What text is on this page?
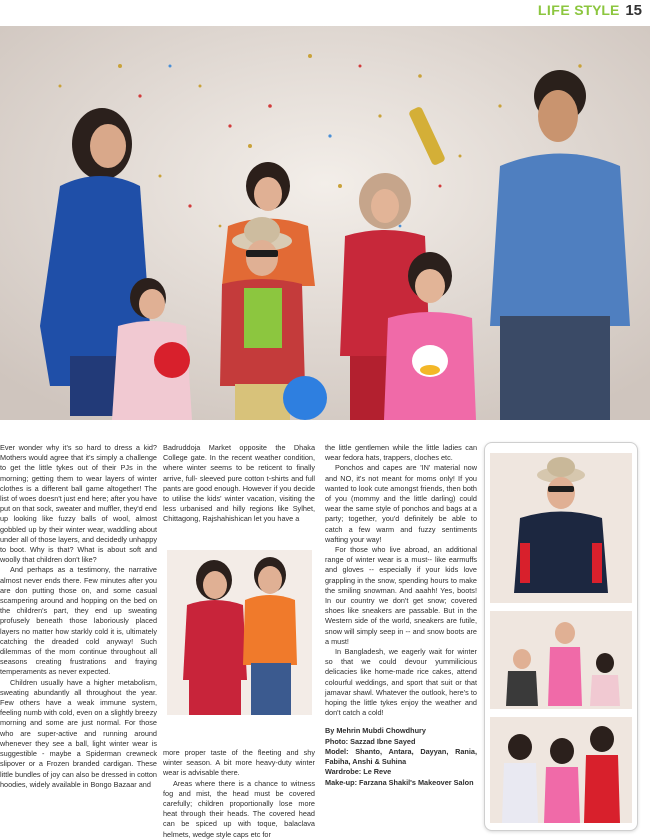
LIFE STYLE 15

Ever wonder why it's so hard to dress a kid? Mothers would agree that it's simply a challenge to get the little tykes out of their PJs in the morning; getting them to wear layers of winter clothes is a different ball game altogether! The list of woes doesn't just end here; after you have put on that sock, sweater and muffler, they'd end up looking like fuzzy balls of wool, almost gobbled up by their winter wear, waddling about under all of those layers, and decidedly unhappy to boot. Why is that? What is about soft and woolly that children don't like?

And perhaps as a testimony, the narrative almost never ends there. Few minutes after you are don putting those on, and some casual scampering around and hopping on the bed on the children's part, they end up sweating profusely beneath those laboriously placed layers no matter how starkly cold it is, ultimately catching the dreaded cold anyway! Such dilemmas of the mom continue throughout all seasons creating frustrations and fraying temperaments as never expected.

Children usually have a higher metabolism, sweating abundantly all throughout the year. Few others have a weak immune system, feeling numb with cold, even on a slightly breezy morning and some are just normal. For those who are super-active and running around whenever they see a ball, light winter wear is suggestible - maybe a Spiderman crewneck slipover or a Frozen branded cardigan. These little bundles of joy can also be dressed in cotton hoodies, widely available in Bongo Bazaar and

Badruddoja Market opposite the Dhaka College gate. In the recent weather condition, where winter seems to be reticent to finally arrive, full- sleeved pure cotton t-shirts and full pants are good enough. However if you decide to utilise the kids' winter vacation, visiting the less urbanised and hilly regions like Sylhet, Chittagong, Rajshahishican let you have a

more proper taste of the fleeting and shy winter season. A bit more heavy-duty winter wear is advisable there.

Areas where there is a chance to witness fog and mist, the head must be covered carefully; children proportionally lose more heat through their heads. The covered head can be spiced up with toque, balaclava helmets, wedge style caps etc for

the little gentlemen while the little ladies can wear fedora hats, trappers, cloches etc.

Ponchos and capes are 'IN' material now and NO, it's not meant for moms only! If you wanted to look cute amongst friends, then both of you (mommy and the little darling) could wear the same style of ponchos and bags at a party; together, you'd definitely be able to catch a few warm and fuzzy sentiments wafting your way!

For those who live abroad, an additional range of winter wear is a must-- like earmuffs and gloves -- especially if your kids love grappling in the snow, spending hours to make the smiling snowman. And aaahh! Yes, boots! In our country we don't get snow; covered shoes like sneakers are passable. But in the Western side of the world, sneakers are futile, snow will simply seep in -- and snow boots are a must!

In Bangladesh, we eagerly wait for winter so that we could devour yummilicious delicacies like home-made rice cakes, attend colourful weddings, and sport that suit or that jamavar shawl. Whatever the outlook, here's to hoping the little tykes enjoy the weather and don't catch a cold!

By Mehrin Mubdi Chowdhury
Photo: Sazzad Ibne Sayed
Model: Shanto, Antara, Dayyan, Rania, Fabiha, Anshi & Suhina
Wardrobe: Le Reve
Make-up: Farzana Shakil's Makeover Salon
